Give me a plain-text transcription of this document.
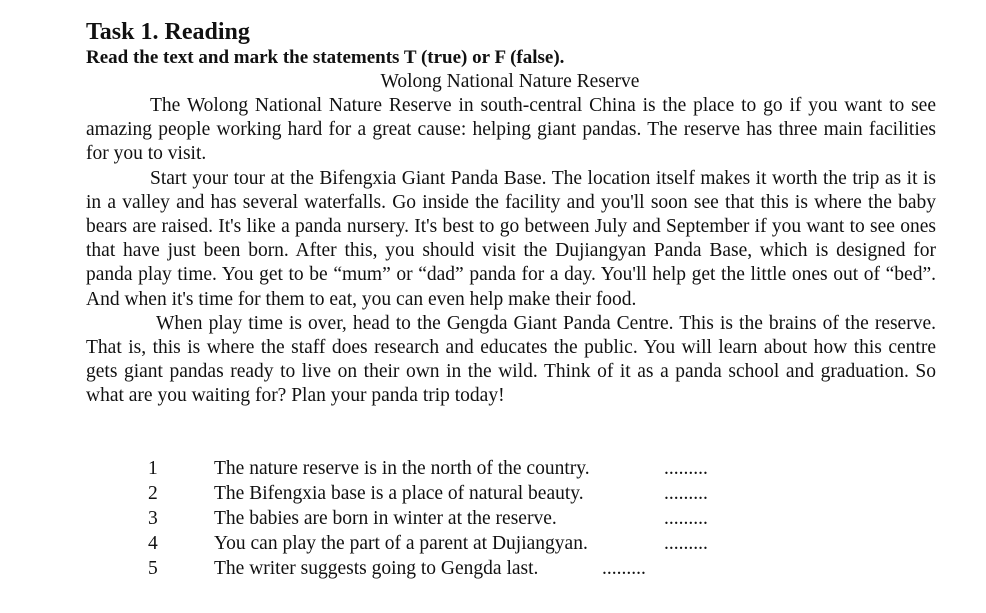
Task 1. Reading
Read the text and mark the statements T (true) or F (false).
Wolong National Nature Reserve

The Wolong National Nature Reserve in south-central China is the place to go if you want to see amazing people working hard for a great cause: helping giant pandas. The reserve has three main facilities for you to visit.

Start your tour at the Bifengxia Giant Panda Base. The location itself makes it worth the trip as it is in a valley and has several waterfalls. Go inside the facility and you'll soon see that this is where the baby bears are raised. It's like a panda nursery. It's best to go between July and September if you want to see ones that have just been born. After this, you should visit the Dujiangyan Panda Base, which is designed for panda play time. You get to be “mum” or “dad” panda for a day. You'll help get the little ones out of “bed”. And when it's time for them to eat, you can even help make their food.

When play time is over, head to the Gengda Giant Panda Centre. This is the brains of the reserve. That is, this is where the staff does research and educates the public. You will learn about how this centre gets giant pandas ready to live on their own in the wild. Think of it as a panda school and graduation. So what are you waiting for? Plan your panda trip today!

1	The nature reserve is in the north of the country.	.........
2	The Bifengxia base is a place of natural beauty.	.........
3	The babies are born in winter at the reserve.	.........
4	You can play the part of a parent at Dujiangyan.	.........
5	The writer suggests going to Gengda last.	.........
